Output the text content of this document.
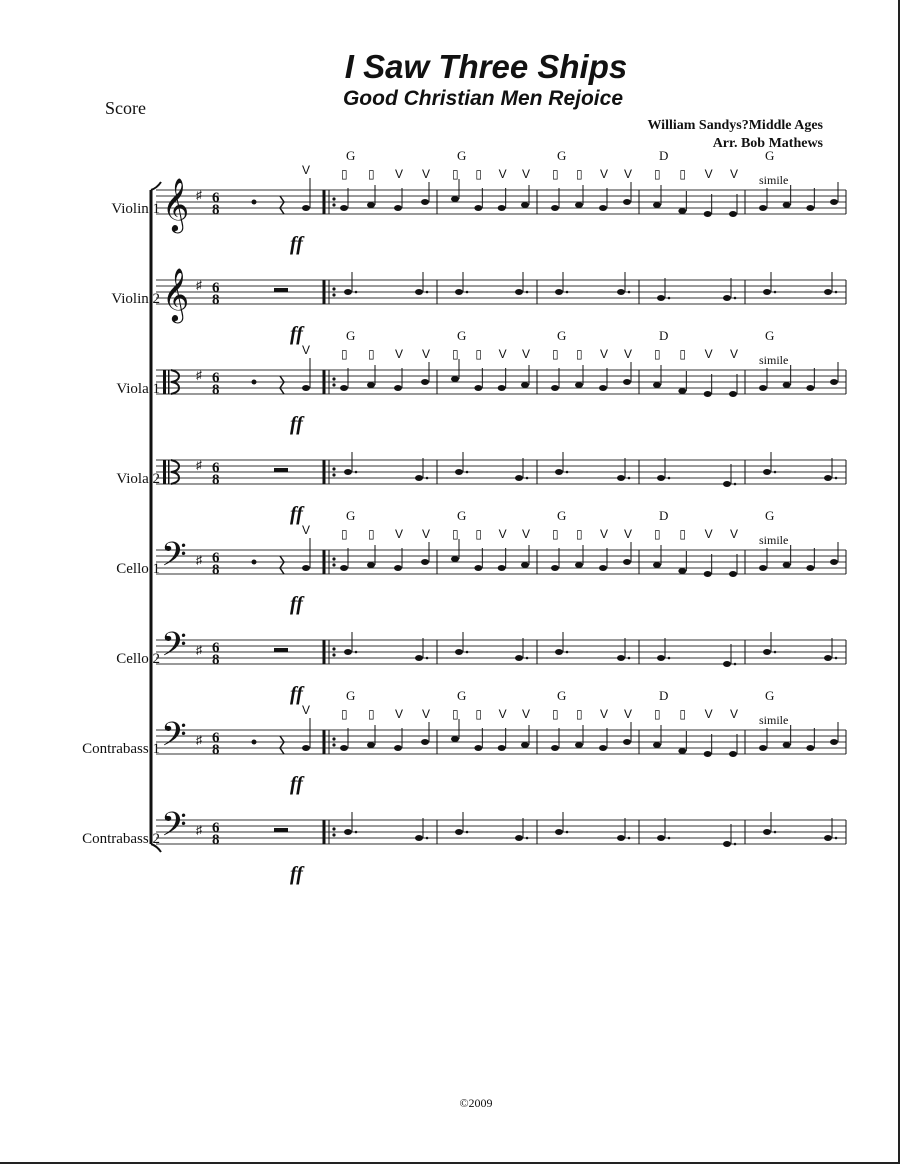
Score
I Saw Three Ships
Good Christian Men Rejoice
William Sandys?Middle Ages
Arr. Bob Mathews
Violin 1
Violin 2
Viola 1
Viola 2
Cello 1
Cello 2
Contrabass 1
Contrabass 2
𝄞 ♯ 6
8
V
ff
G
▯ ▯ V V
G
▯ ▯ V V
G
▯ ▯ V V
D
▯ ▯ V V
G
simile
𝄞 ♯ 6
8
ff
♯ 6
8
V
ff
G
▯ ▯ V V
G
▯ ▯ V V
G
▯ ▯ V V
D
▯ ▯ V V
G
simile
♯ 6
8
ff
𝄢 ♯ 6
8
V
ff
G
▯ ▯ V V
G
▯ ▯ V V
G
▯ ▯ V V
D
▯ ▯ V V
G
simile
𝄢 ♯ 6
8
ff
𝄢 ♯ 6
8
V
ff
G
▯ ▯ V V
G
▯ ▯ V V
G
▯ ▯ V V
D
▯ ▯ V V
G
simile
𝄢 ♯ 6
8
ff
©2009
